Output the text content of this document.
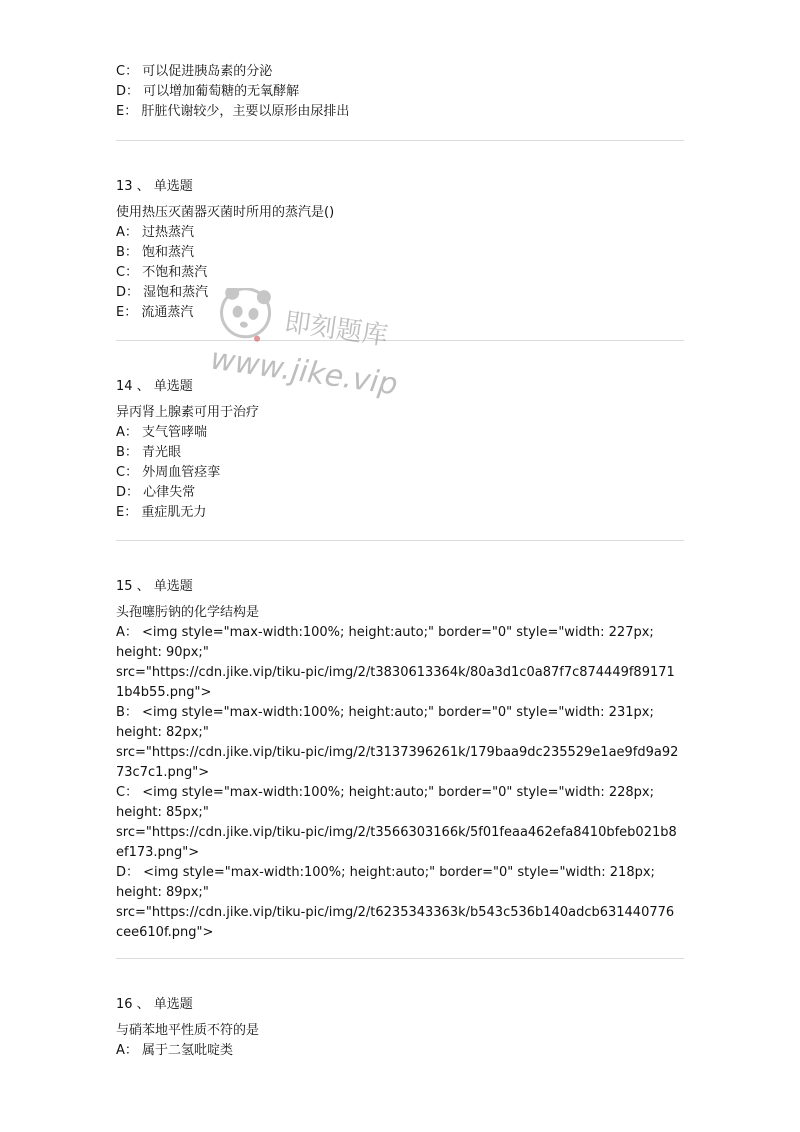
C： 可以促进胰岛素的分泌
D： 可以增加葡萄糖的无氧酵解
E： 肝脏代谢较少，主要以原形由尿排出
13 、 单选题
使用热压灭菌器灭菌时所用的蒸汽是()
A： 过热蒸汽
B： 饱和蒸汽
C： 不饱和蒸汽
D： 湿饱和蒸汽
E： 流通蒸汽
14 、 单选题
异丙肾上腺素可用于治疗
A： 支气管哮喘
B： 青光眼
C： 外周血管痉挛
D： 心律失常
E： 重症肌无力
15 、 单选题
头孢噻肟钠的化学结构是
A： <img style="max-width:100%; height:auto;" border="0" style="width: 227px;
height: 90px;"
src="https://cdn.jike.vip/tiku-pic/img/2/t3830613364k/80a3d1c0a87f7c874449f89171
1b4b55.png">
B： <img style="max-width:100%; height:auto;" border="0" style="width: 231px;
height: 82px;"
src="https://cdn.jike.vip/tiku-pic/img/2/t3137396261k/179baa9dc235529e1ae9fd9a92
73c7c1.png">
C： <img style="max-width:100%; height:auto;" border="0" style="width: 228px;
height: 85px;"
src="https://cdn.jike.vip/tiku-pic/img/2/t3566303166k/5f01feaa462efa8410bfeb021b8
ef173.png">
D： <img style="max-width:100%; height:auto;" border="0" style="width: 218px;
height: 89px;"
src="https://cdn.jike.vip/tiku-pic/img/2/t6235343363k/b543c536b140adcb631440776
cee610f.png">
16 、 单选题
与硝苯地平性质不符的是
A： 属于二氢吡啶类
即刻题库
www.jike.vip
